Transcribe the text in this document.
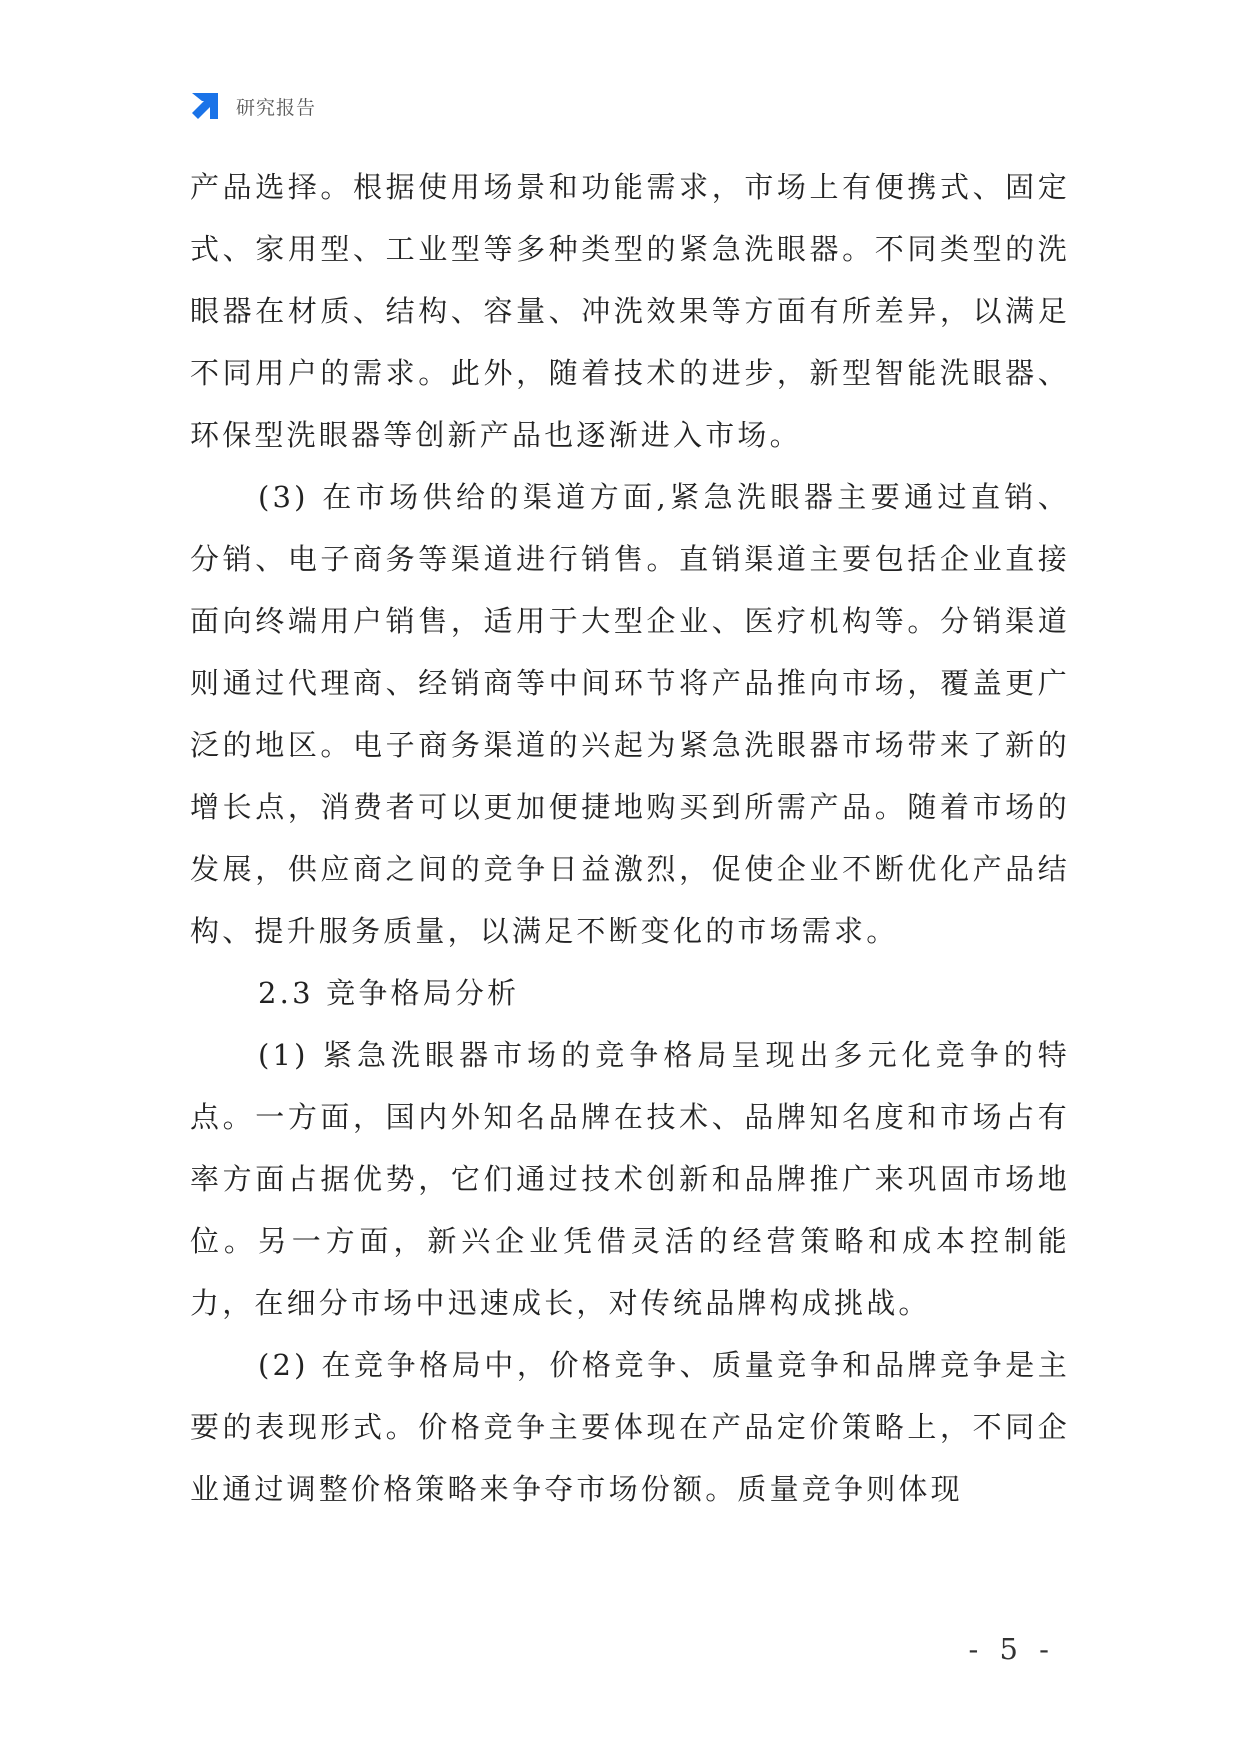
研究报告

产品选择。根据使用场景和功能需求，市场上有便携式、固定式、家用型、工业型等多种类型的紧急洗眼器。不同类型的洗眼器在材质、结构、容量、冲洗效果等方面有所差异，以满足不同用户的需求。此外，随着技术的进步，新型智能洗眼器、环保型洗眼器等创新产品也逐渐进入市场。

(3) 在市场供给的渠道方面,紧急洗眼器主要通过直销、分销、电子商务等渠道进行销售。直销渠道主要包括企业直接面向终端用户销售，适用于大型企业、医疗机构等。分销渠道则通过代理商、经销商等中间环节将产品推向市场，覆盖更广泛的地区。电子商务渠道的兴起为紧急洗眼器市场带来了新的增长点，消费者可以更加便捷地购买到所需产品。随着市场的发展，供应商之间的竞争日益激烈，促使企业不断优化产品结构、提升服务质量，以满足不断变化的市场需求。

2.3 竞争格局分析

(1) 紧急洗眼器市场的竞争格局呈现出多元化竞争的特点。一方面，国内外知名品牌在技术、品牌知名度和市场占有率方面占据优势，它们通过技术创新和品牌推广来巩固市场地位。另一方面，新兴企业凭借灵活的经营策略和成本控制能力，在细分市场中迅速成长，对传统品牌构成挑战。

(2) 在竞争格局中，价格竞争、质量竞争和品牌竞争是主要的表现形式。价格竞争主要体现在产品定价策略上，不同企业通过调整价格策略来争夺市场份额。质量竞争则体现

- 5 -
